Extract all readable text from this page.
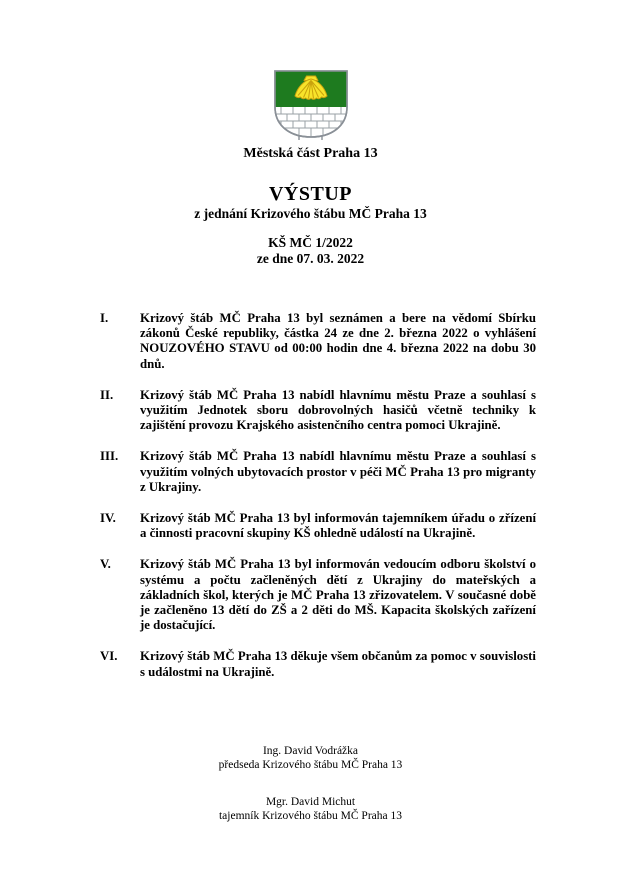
Městská část Praha 13
VÝSTUP
z jednání Krizového štábu MČ Praha 13
KŠ MČ 1/2022
ze dne 07. 03. 2022
I.	Krizový štáb MČ Praha 13 byl seznámen a bere na vědomí Sbírku zákonů České republiky, částka 24 ze dne 2. března 2022 o vyhlášení NOUZOVÉHO STAVU od 00:00 hodin dne 4. března 2022 na dobu 30 dnů.
II.	Krizový štáb MČ Praha 13 nabídl hlavnímu městu Praze a souhlasí s využitím Jednotek sboru dobrovolných hasičů včetně techniky k zajištění provozu Krajského asistenčního centra pomoci Ukrajině.
III.	Krizový štáb MČ Praha 13 nabídl hlavnímu městu Praze a souhlasí s využitím volných ubytovacích prostor v péči MČ Praha 13 pro migranty z Ukrajiny.
IV.	Krizový štáb MČ Praha 13 byl informován tajemníkem úřadu o zřízení a činnosti pracovní skupiny KŠ ohledně událostí na Ukrajině.
V.	Krizový štáb MČ Praha 13 byl informován vedoucím odboru školství o systému a počtu začleněných dětí z Ukrajiny do mateřských a základních škol, kterých je MČ Praha 13 zřizovatelem. V současné době je začleněno 13 dětí do ZŠ a 2 děti do MŠ. Kapacita školských zařízení je dostačující.
VI.	Krizový štáb MČ Praha 13 děkuje všem občanům za pomoc v souvislosti s událostmi na Ukrajině.
Ing. David Vodrážka
předseda Krizového štábu MČ Praha 13
Mgr. David Michut
tajemník Krizového štábu MČ Praha 13
